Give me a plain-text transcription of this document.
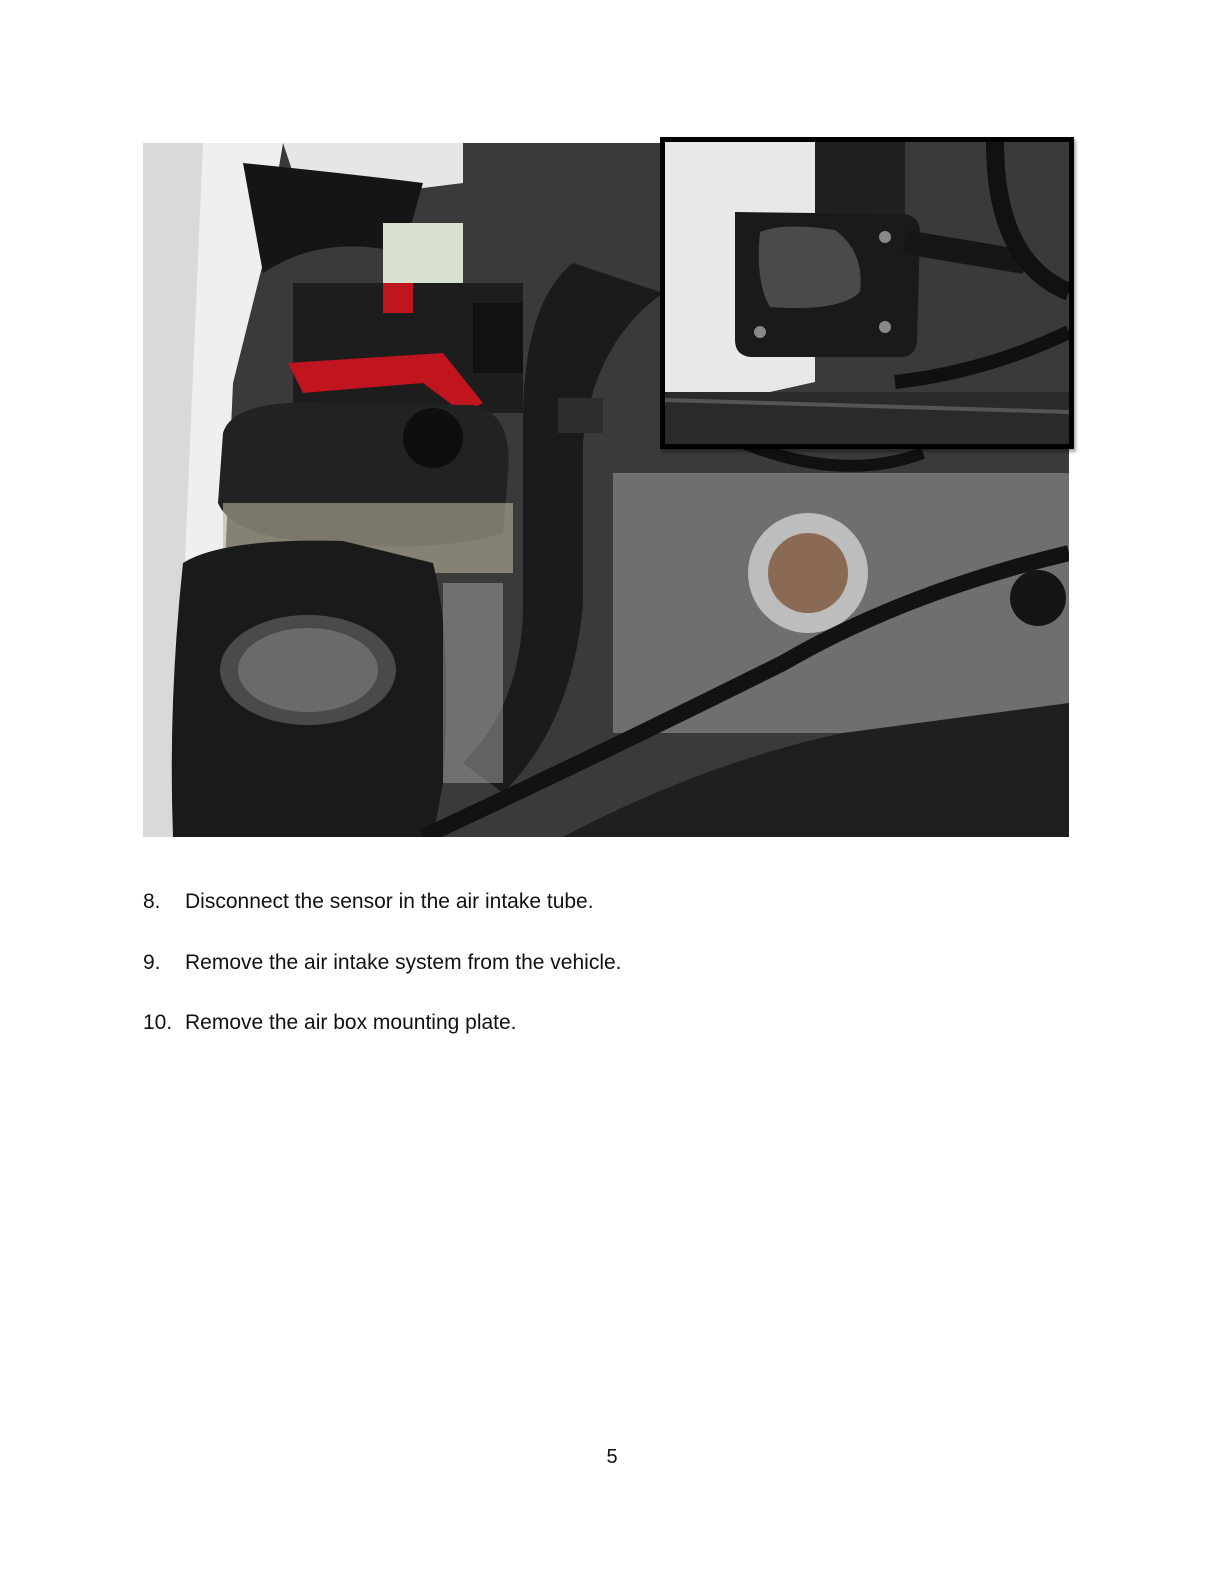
8. Disconnect the sensor in the air intake tube.
9. Remove the air intake system from the vehicle.
10. Remove the air box mounting plate.
5
